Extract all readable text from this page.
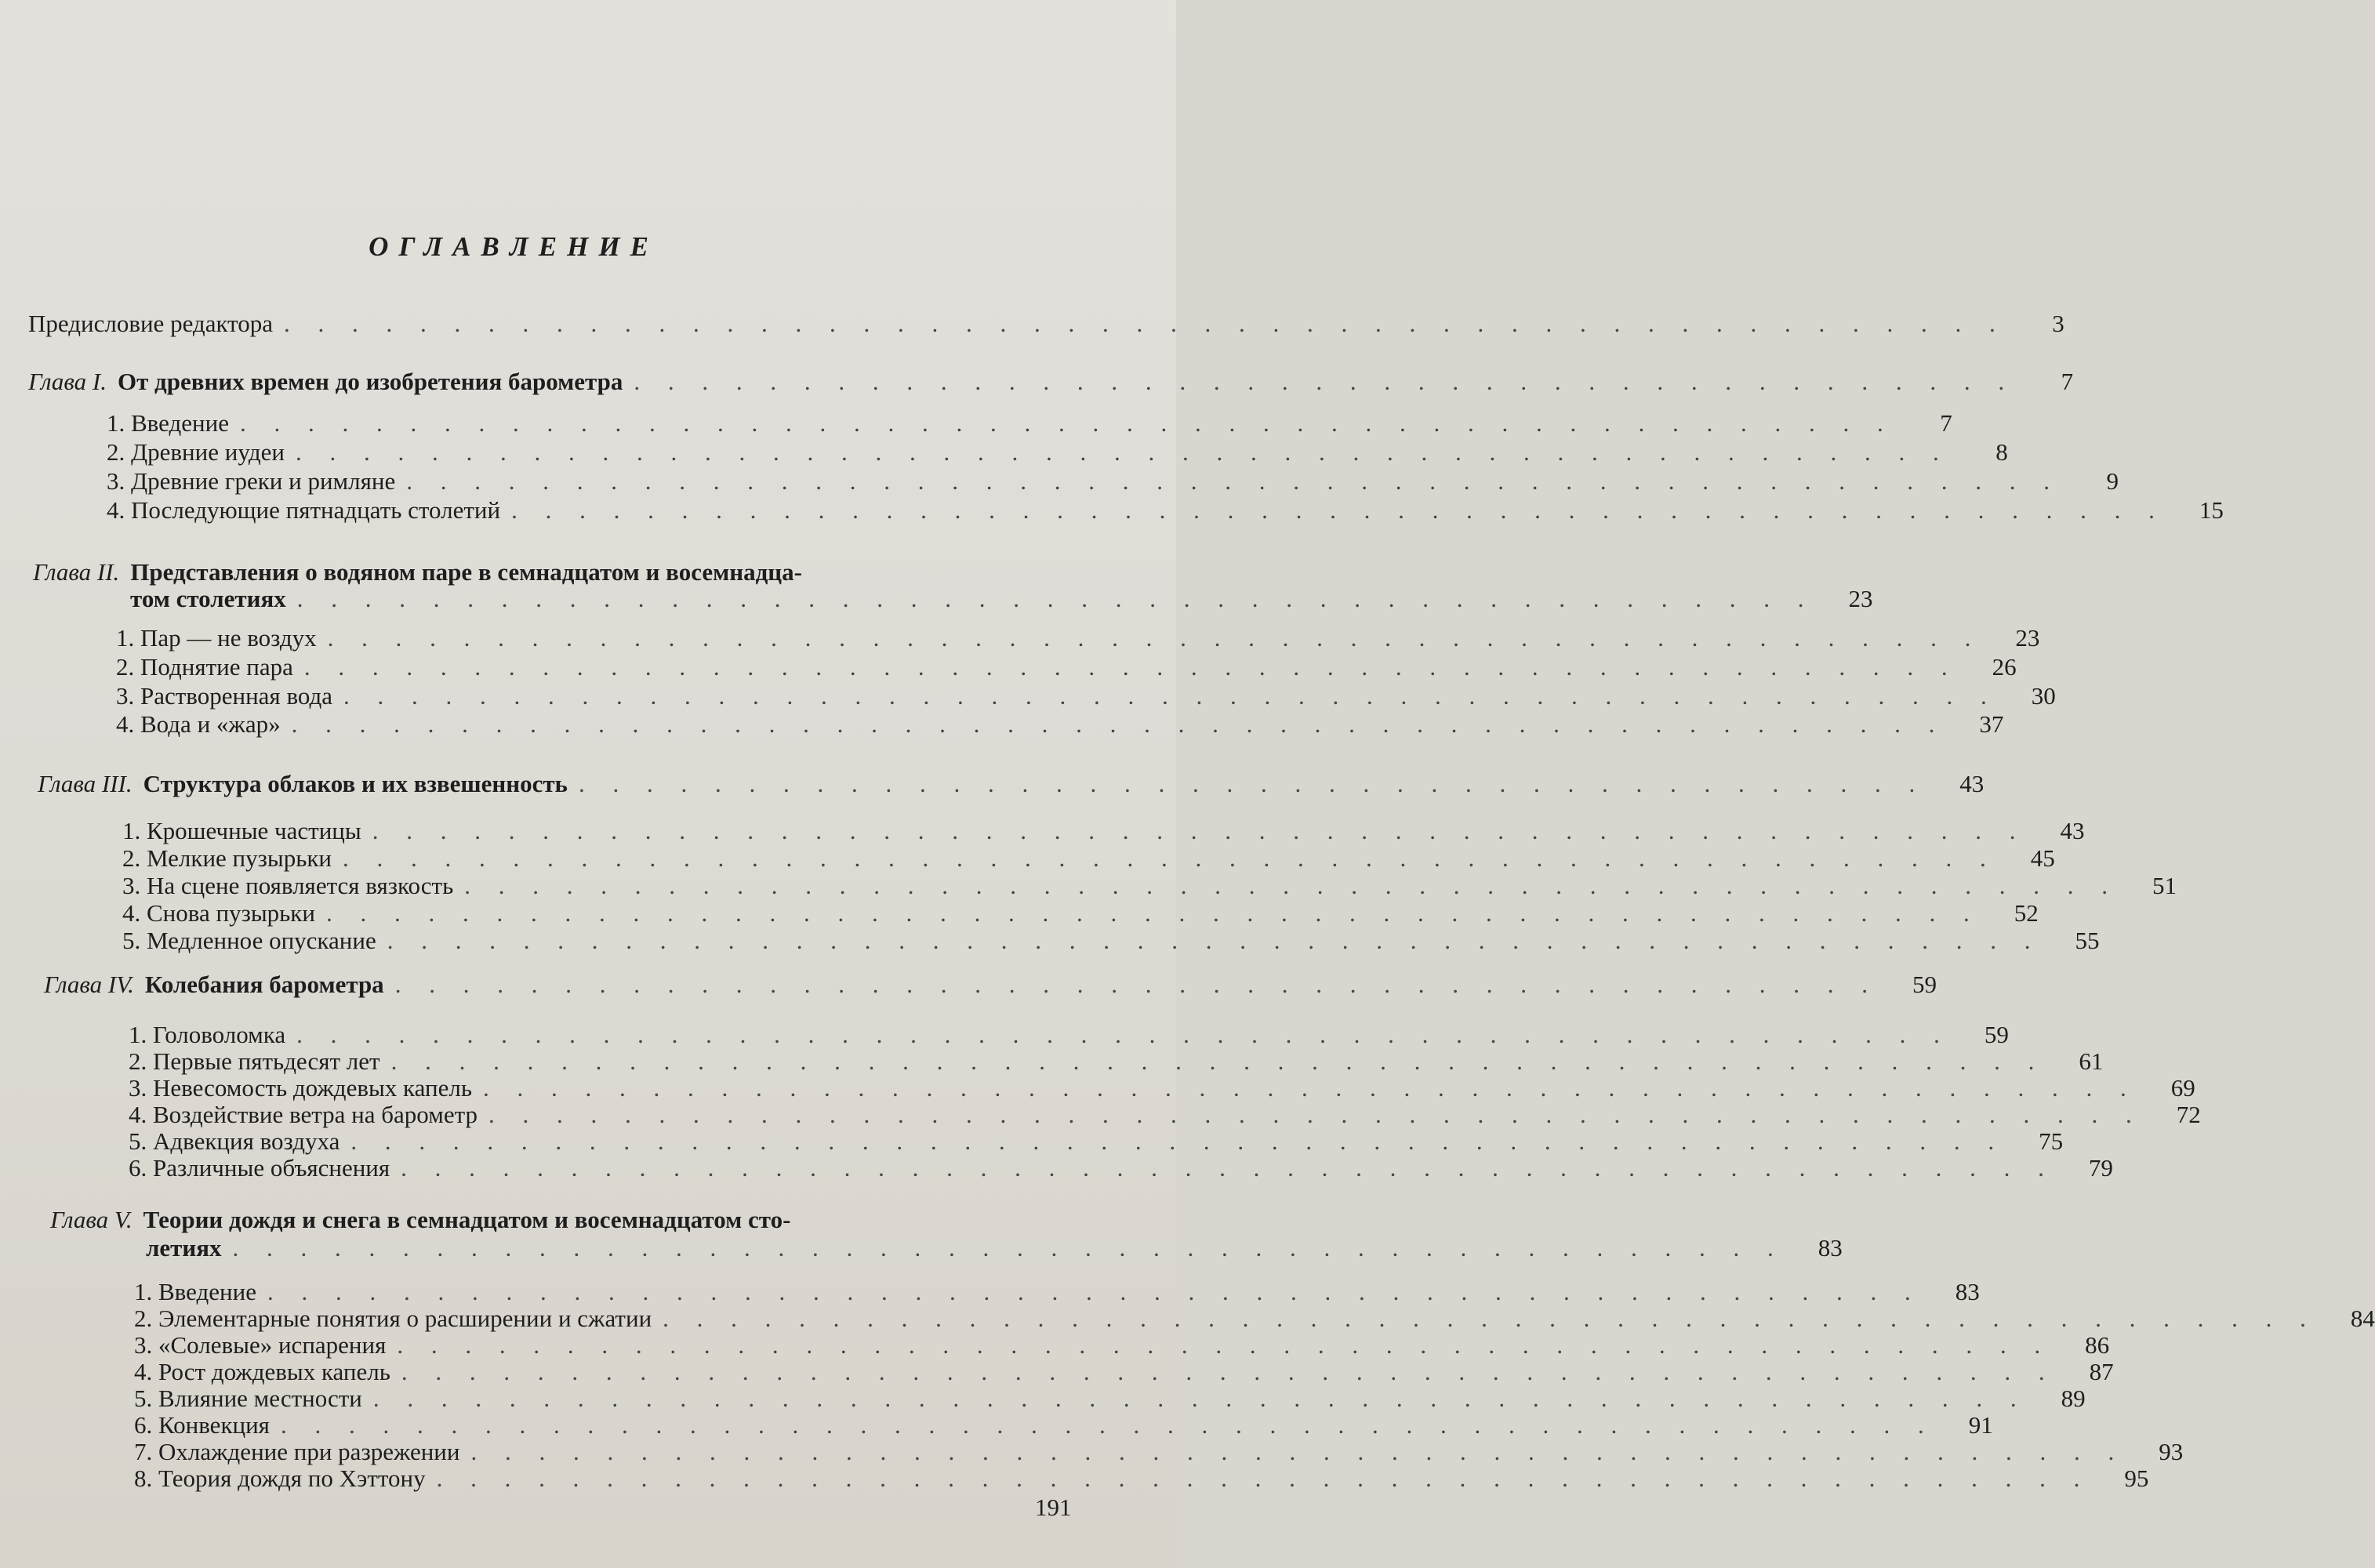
ОГЛАВЛЕНИЕ
Предисловие редактора . . . . . . . . . . . . . . . . . . . . . . . . . . . . . . . . . . . . . . . . . . . . . . . . . . .	3
Глава I. От древних времен до изобретения барометра . . . . . . . . . . . . . . . . . . . . . . . . . . . . . . . . . . . . . . . . .	7
1. Введение . . . . . . . . . . . . . . . . . . . . . . . . . . . . . . . . . . . . . . . . . . . . . . . . .	7
2. Древние иудеи . . . . . . . . . . . . . . . . . . . . . . . . . . . . . . . . . . . . . . . . . . . . . . . . .	8
3. Древние греки и римляне . . . . . . . . . . . . . . . . . . . . . . . . . . . . . . . . . . . . . . . . . . . . . . . . .	9
4. Последующие пятнадцать столетий . . . . . . . . . . . . . . . . . . . . . . . . . . . . . . . . . . . . . . . . . . . . . . . . .	15
Глава II. Представления о водяном паре в семнадцатом и восемнадца-
том столетиях . . . . . . . . . . . . . . . . . . . . . . . . . . . . . . . . . . . . . . . . . . . . .	23
1. Пар — не воздух . . . . . . . . . . . . . . . . . . . . . . . . . . . . . . . . . . . . . . . . . . . . . . . . .	23
2. Поднятие пара . . . . . . . . . . . . . . . . . . . . . . . . . . . . . . . . . . . . . . . . . . . . . . . . .	26
3. Растворенная вода . . . . . . . . . . . . . . . . . . . . . . . . . . . . . . . . . . . . . . . . . . . . . . . . .	30
4. Вода и «жар» . . . . . . . . . . . . . . . . . . . . . . . . . . . . . . . . . . . . . . . . . . . . . . . . .	37
Глава III. Структура облаков и их взвешенность . . . . . . . . . . . . . . . . . . . . . . . . . . . . . . . . . . . . . . . .	43
1. Крошечные частицы . . . . . . . . . . . . . . . . . . . . . . . . . . . . . . . . . . . . . . . . . . . . . . . . .	43
2. Мелкие пузырьки . . . . . . . . . . . . . . . . . . . . . . . . . . . . . . . . . . . . . . . . . . . . . . . . .	45
3. На сцене появляется вязкость . . . . . . . . . . . . . . . . . . . . . . . . . . . . . . . . . . . . . . . . . . . . . . . . .	51
4. Снова пузырьки . . . . . . . . . . . . . . . . . . . . . . . . . . . . . . . . . . . . . . . . . . . . . . . . .	52
5. Медленное опускание . . . . . . . . . . . . . . . . . . . . . . . . . . . . . . . . . . . . . . . . . . . . . . . . .	55
Глава IV. Колебания барометра . . . . . . . . . . . . . . . . . . . . . . . . . . . . . . . . . . . . . . . . . . . .	59
1. Головоломка . . . . . . . . . . . . . . . . . . . . . . . . . . . . . . . . . . . . . . . . . . . . . . . . .	59
2. Первые пятьдесят лет . . . . . . . . . . . . . . . . . . . . . . . . . . . . . . . . . . . . . . . . . . . . . . . . .	61
3. Невесомость дождевых капель . . . . . . . . . . . . . . . . . . . . . . . . . . . . . . . . . . . . . . . . . . . . . . . . .	69
4. Воздействие ветра на барометр . . . . . . . . . . . . . . . . . . . . . . . . . . . . . . . . . . . . . . . . . . . . . . . . .	72
5. Адвекция воздуха . . . . . . . . . . . . . . . . . . . . . . . . . . . . . . . . . . . . . . . . . . . . . . . . .	75
6. Различные объяснения . . . . . . . . . . . . . . . . . . . . . . . . . . . . . . . . . . . . . . . . . . . . . . . . .	79
Глава V. Теории дождя и снега в семнадцатом и восемнадцатом сто-
летиях . . . . . . . . . . . . . . . . . . . . . . . . . . . . . . . . . . . . . . . . . . . . . .	83
1. Введение . . . . . . . . . . . . . . . . . . . . . . . . . . . . . . . . . . . . . . . . . . . . . . . . .	83
2. Элементарные понятия о расширении и сжатии . . . . . . . . . . . . . . . . . . . . . . . . . . . . . . . . . . . . . . . . . . . . . . . . .	84
3. «Солевые» испарения . . . . . . . . . . . . . . . . . . . . . . . . . . . . . . . . . . . . . . . . . . . . . . . . .	86
4. Рост дождевых капель . . . . . . . . . . . . . . . . . . . . . . . . . . . . . . . . . . . . . . . . . . . . . . . . .	87
5. Влияние местности . . . . . . . . . . . . . . . . . . . . . . . . . . . . . . . . . . . . . . . . . . . . . . . . .	89
6. Конвекция . . . . . . . . . . . . . . . . . . . . . . . . . . . . . . . . . . . . . . . . . . . . . . . . .	91
7. Охлаждение при разрежении . . . . . . . . . . . . . . . . . . . . . . . . . . . . . . . . . . . . . . . . . . . . . . . . .	93
8. Теория дождя по Хэттону . . . . . . . . . . . . . . . . . . . . . . . . . . . . . . . . . . . . . . . . . . . . . . . . .	95
191
